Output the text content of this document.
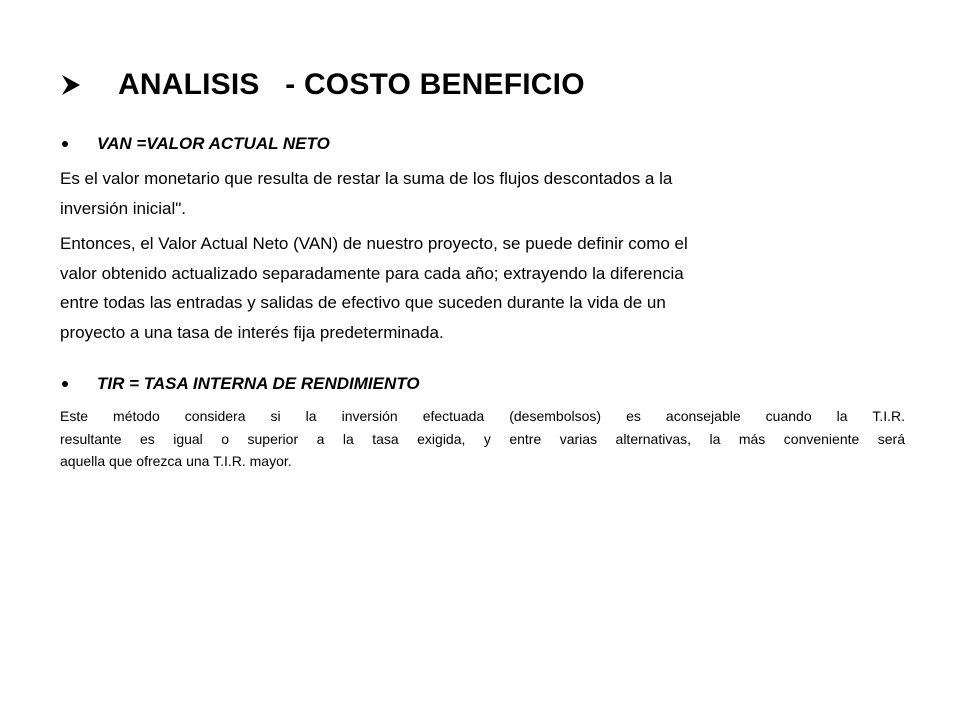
ANALISIS   - COSTO BENEFICIO
VAN =VALOR ACTUAL NETO
Es el valor monetario que resulta de restar la suma de los flujos descontados a la
inversión inicial".
Entonces, el Valor Actual Neto (VAN) de nuestro proyecto, se puede definir como el
valor obtenido actualizado separadamente para cada año; extrayendo la diferencia
entre todas las entradas y salidas de efectivo que suceden durante la vida de un
proyecto a una tasa de interés fija predeterminada.
TIR = TASA INTERNA DE RENDIMIENTO
Este método considera si la inversión efectuada (desembolsos) es aconsejable cuando la T.I.R.
resultante es igual o superior a la tasa exigida, y entre varias alternativas, la más conveniente será
aquella que ofrezca una T.I.R. mayor.
